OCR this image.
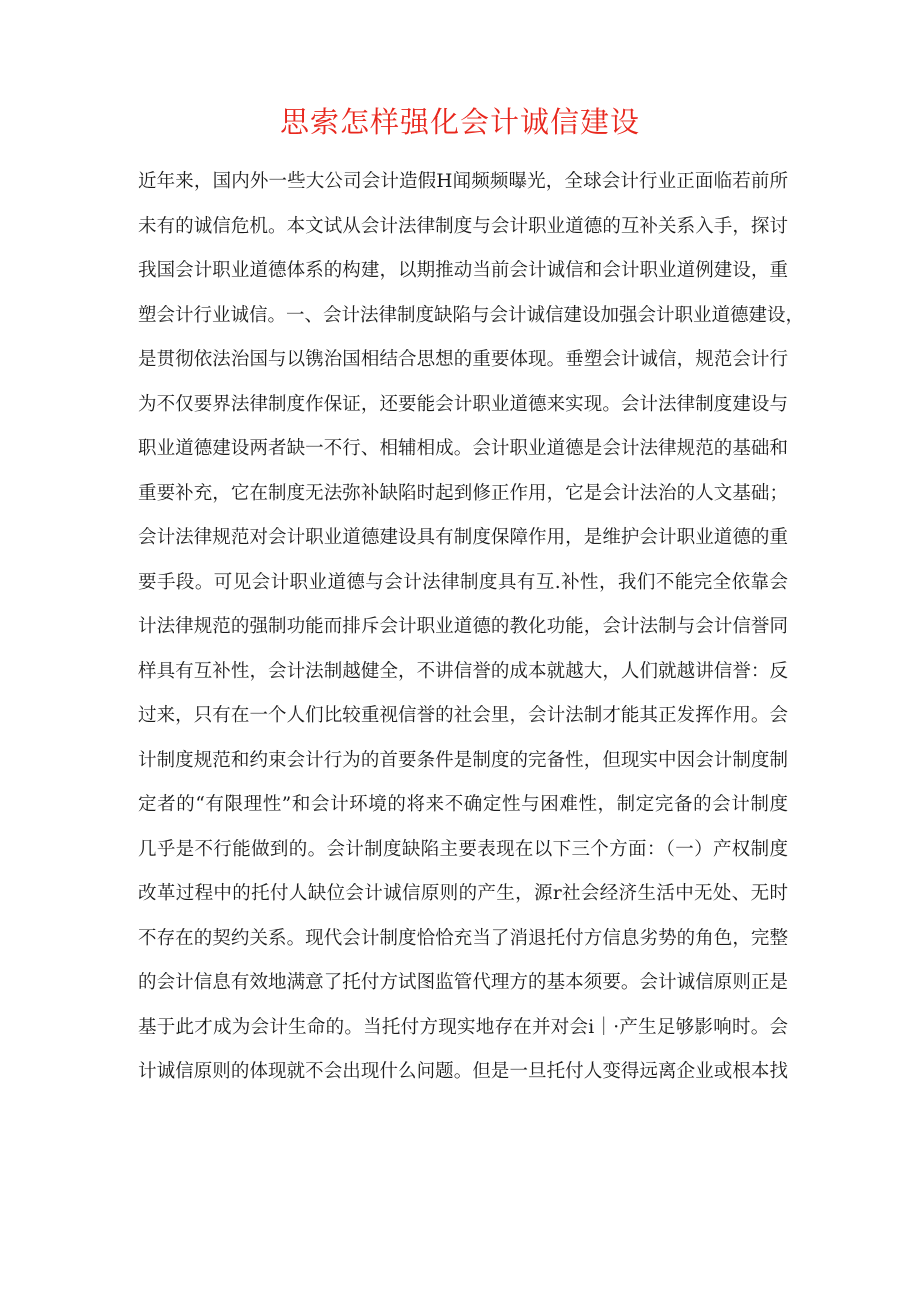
思索怎样强化会计诚信建设
近年来，国内外一些大公司会计造假H闻频频曝光，全球会计行业正面临若前所
未有的诚信危机。本文试从会计法律制度与会计职业道德的互补关系入手，探讨
我国会计职业道德体系的构建，以期推动当前会计诚信和会计职业道例建设，重
塑会计行业诚信。一、会计法律制度缺陷与会计诚信建设加强会计职业道德建设，
是贯彻依法治国与以镌治国相结合思想的重要体现。垂塑会计诚信，规范会计行
为不仅要界法律制度作保证，还要能会计职业道德来实现。会计法律制度建设与
职业道德建设两者缺一不行、相辅相成。会计职业道德是会计法律规范的基础和
重要补充，它在制度无法弥补缺陷时起到修正作用，它是会计法治的人文基础；
会计法律规范对会计职业道德建设具有制度保障作用，是维护会计职业道德的重
要手段。可见会计职业道德与会计法律制度具有互.补性，我们不能完全依靠会
计法律规范的强制功能而排斥会计职业道德的教化功能，会计法制与会计信誉同
样具有互补性，会计法制越健全，不讲信誉的成本就越大，人们就越讲信誉：反
过来，只有在一个人们比较重视信誉的社会里，会计法制才能其正发挥作用。会
计制度规范和约束会计行为的首要条件是制度的完备性，但现实中因会计制度制
定者的“有限理性”和会计环境的将来不确定性与困难性，制定完备的会计制度
几乎是不行能做到的。会计制度缺陷主要表现在以下三个方面：（一）产权制度
改革过程中的托付人缺位会计诚信原则的产生，源r社会经济生活中无处、无时
不存在的契约关系。现代会计制度恰恰充当了消退托付方信息劣势的角色，完整
的会计信息有效地满意了托付方试图监管代理方的基本须要。会计诚信原则正是
基于此才成为会计生命的。当托付方现实地存在并对会i｜·产生足够影响时。会
计诚信原则的体现就不会出现什么问题。但是一旦托付人变得远离企业或根本找
